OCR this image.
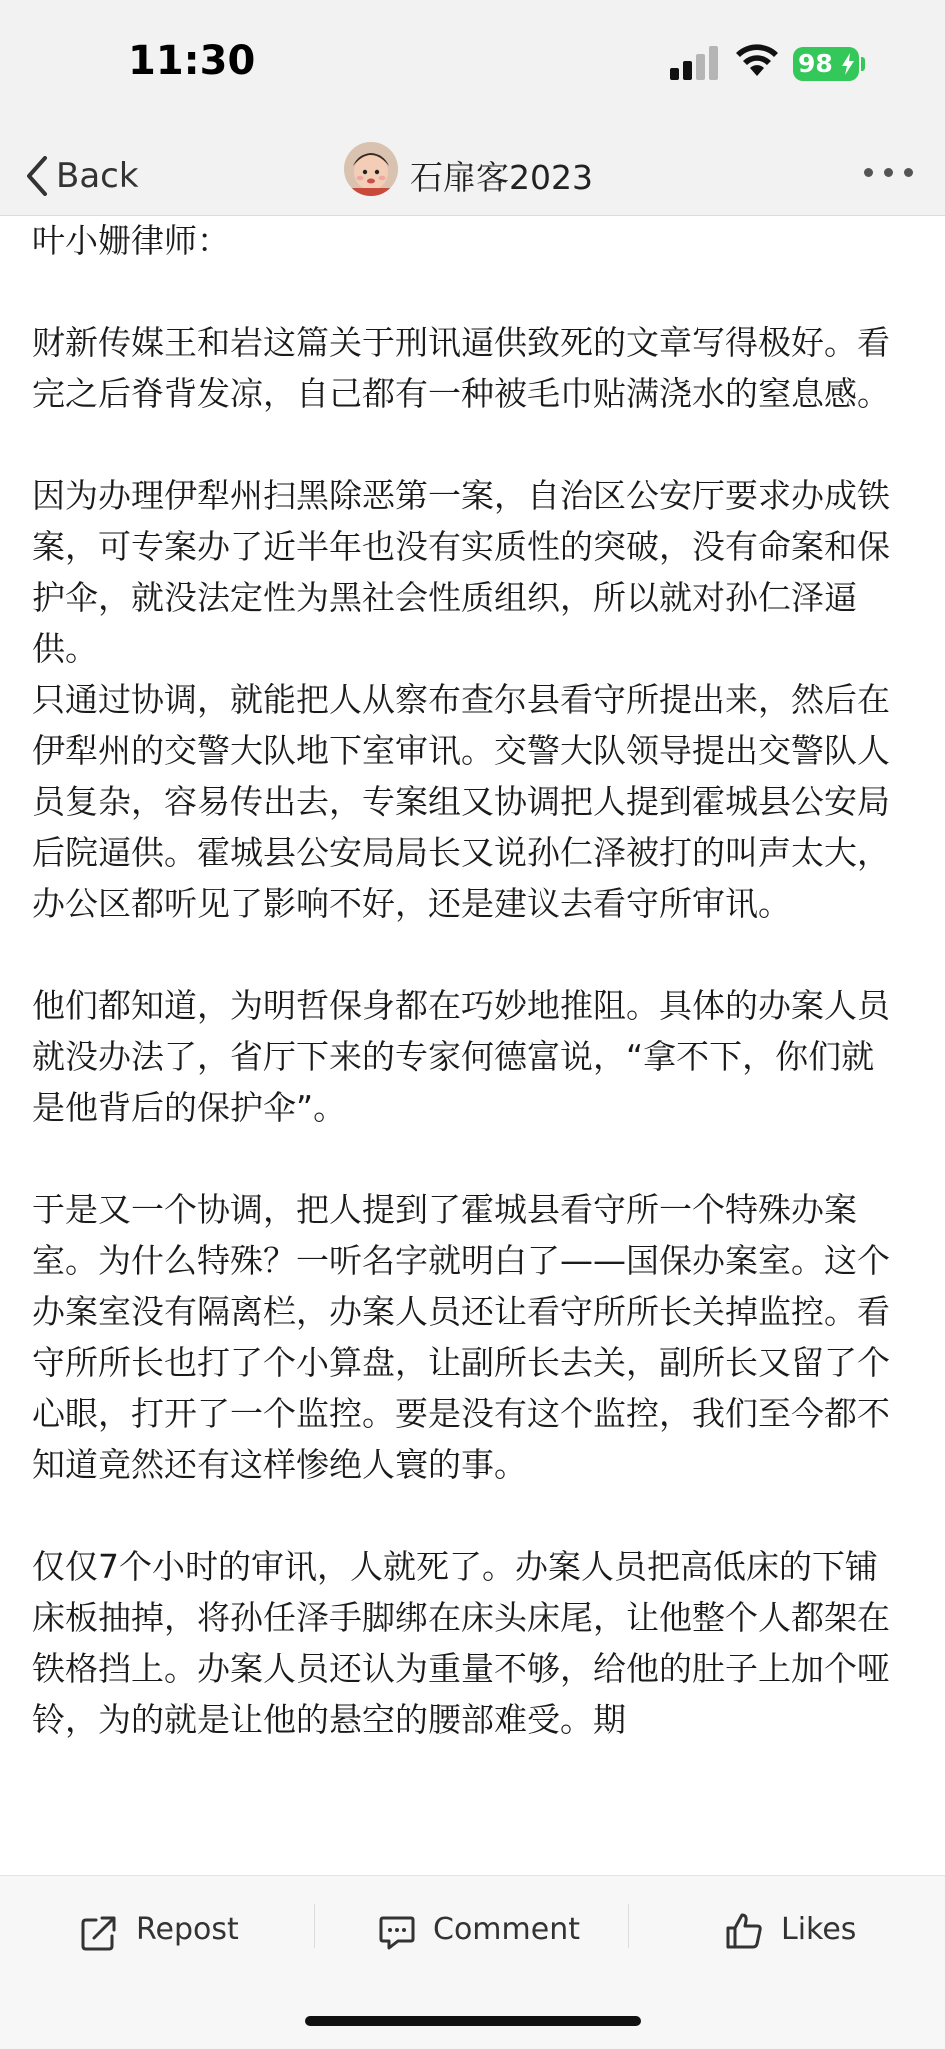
11:30	98
Back	石扉客2023

叶小姗律师：

财新传媒王和岩这篇关于刑讯逼供致死的文章写得极好。看完之后脊背发凉，自己都有一种被毛巾贴满浇水的窒息感。

因为办理伊犁州扫黑除恶第一案，自治区公安厅要求办成铁案，可专案办了近半年也没有实质性的突破，没有命案和保护伞，就没法定性为黑社会性质组织，所以就对孙仁泽逼供。

只通过协调，就能把人从察布查尔县看守所提出来，然后在伊犁州的交警大队地下室审讯。交警大队领导提出交警队人员复杂，容易传出去，专案组又协调把人提到霍城县公安局后院逼供。霍城县公安局局长又说孙仁泽被打的叫声太大，办公区都听见了影响不好，还是建议去看守所审讯。

他们都知道，为明哲保身都在巧妙地推阻。具体的办案人员就没办法了，省厅下来的专家何德富说，“拿不下，你们就是他背后的保护伞”。

于是又一个协调，把人提到了霍城县看守所一个特殊办案室。为什么特殊？一听名字就明白了——国保办案室。这个办案室没有隔离栏，办案人员还让看守所所长关掉监控。看守所所长也打了个小算盘，让副所长去关，副所长又留了个心眼，打开了一个监控。要是没有这个监控，我们至今都不知道竟然还有这样惨绝人寰的事。

仅仅7个小时的审讯，人就死了。办案人员把高低床的下铺床板抽掉，将孙任泽手脚绑在床头床尾，让他整个人都架在铁格挡上。办案人员还认为重量不够，给他的肚子上加个哑铃，为的就是让他的悬空的腰部难受。期

Repost	Comment	Likes
